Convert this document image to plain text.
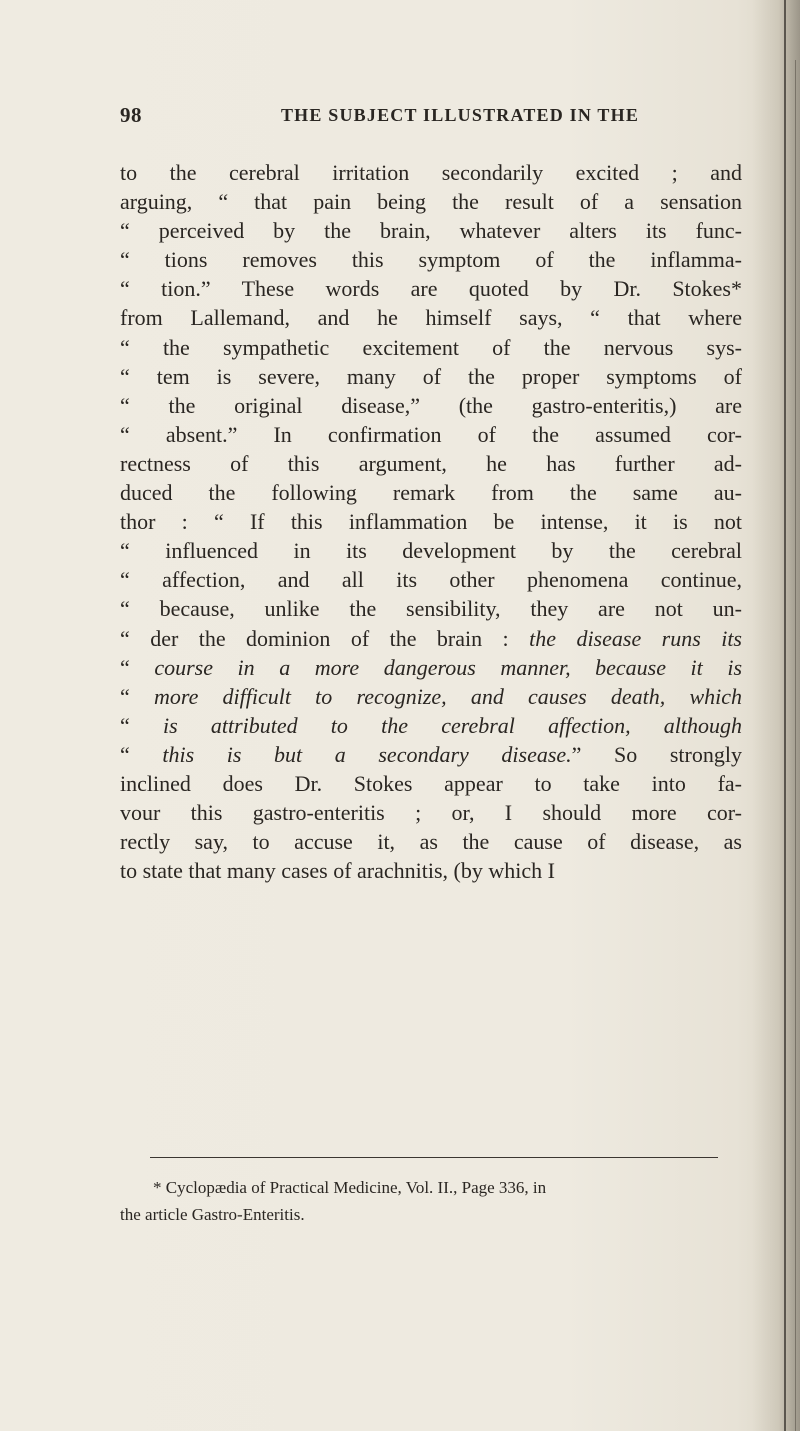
98	THE SUBJECT ILLUSTRATED IN THE
to the cerebral irritation secondarily excited ; and
arguing, “ that pain being the result of a sensation
“ perceived by the brain, whatever alters its func-
“ tions removes this symptom of the inflamma-
“ tion.” These words are quoted by Dr. Stokes*
from Lallemand, and he himself says, “ that where
“ the sympathetic excitement of the nervous sys-
“ tem is severe, many of the proper symptoms of
“ the original disease,” (the gastro-enteritis,) are
“ absent.” In confirmation of the assumed cor-
rectness of this argument, he has further ad-
duced the following remark from the same au-
thor : “ If this inflammation be intense, it is not
“ influenced in its development by the cerebral
“ affection, and all its other phenomena continue,
“ because, unlike the sensibility, they are not un-
“ der the dominion of the brain : the disease runs its
“ course in a more dangerous manner, because it is
“ more difficult to recognize, and causes death, which
“ is attributed to the cerebral affection, although
“ this is but a secondary disease.” So strongly
inclined does Dr. Stokes appear to take into fa-
vour this gastro-enteritis ; or, I should more cor-
rectly say, to accuse it, as the cause of disease, as
to state that many cases of arachnitis, (by which I
* Cyclopædia of Practical Medicine, Vol. II., Page 336, in
the article Gastro-Enteritis.
